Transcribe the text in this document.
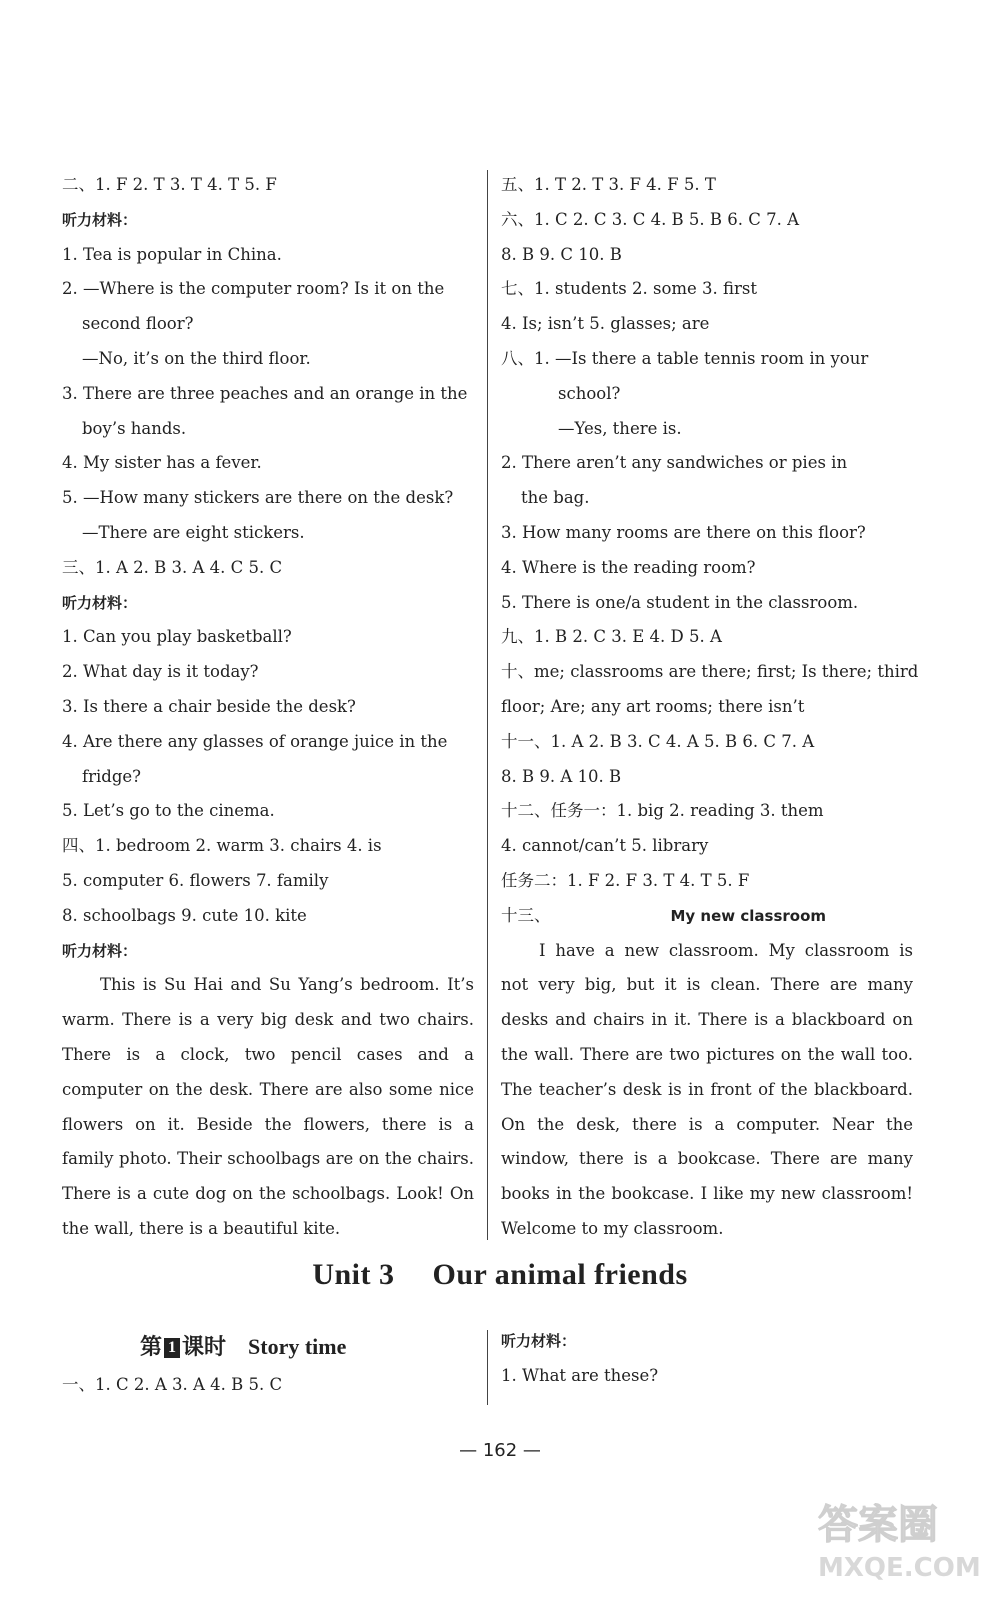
二、1. F 2. T 3. T 4. T 5. F
听力材料：
1. Tea is popular in China.
2. —Where is the computer room? Is it on the
second floor?
—No, it’s on the third floor.
3. There are three peaches and an orange in the
boy’s hands.
4. My sister has a fever.
5. —How many stickers are there on the desk?
—There are eight stickers.
三、1. A 2. B 3. A 4. C 5. C
听力材料：
1. Can you play basketball?
2. What day is it today?
3. Is there a chair beside the desk?
4. Are there any glasses of orange juice in the
fridge?
5. Let’s go to the cinema.
四、1. bedroom 2. warm 3. chairs 4. is
5. computer 6. flowers 7. family
8. schoolbags 9. cute 10. kite
听力材料：
This is Su Hai and Su Yang’s bedroom. It’s warm. There is a very big desk and two chairs. There is a clock, two pencil cases and a computer on the desk. There are also some nice flowers on it. Beside the flowers, there is a family photo. Their schoolbags are on the chairs. There is a cute dog on the schoolbags. Look! On the wall, there is a beautiful kite.
五、1. T 2. T 3. F 4. F 5. T
六、1. C 2. C 3. C 4. B 5. B 6. C 7. A
8. B 9. C 10. B
七、1. students 2. some 3. first
4. Is; isn’t 5. glasses; are
八、1. —Is there a table tennis room in your
school?
—Yes, there is.
2. There aren’t any sandwiches or pies in
the bag.
3. How many rooms are there on this floor?
4. Where is the reading room?
5. There is one/a student in the classroom.
九、1. B 2. C 3. E 4. D 5. A
十、me; classrooms are there; first; Is there; third
floor; Are; any art rooms; there isn’t
十一、1. A 2. B 3. C 4. A 5. B 6. C 7. A
8. B 9. A 10. B
十二、任务一：1. big 2. reading 3. them
4. cannot/can’t 5. library
任务二：1. F 2. F 3. T 4. T 5. F
十三、	My new classroom
I have a new classroom. My classroom is not very big, but it is clean. There are many desks and chairs in it. There is a blackboard on the wall. There are two pictures on the wall too. The teacher’s desk is in front of the blackboard. On the desk, there is a computer. Near the window, there is a bookcase. There are many books in the bookcase. I like my new classroom! Welcome to my classroom.
Unit 3 Our animal friends
第 1 课时 Story time
一、1. C 2. A 3. A 4. B 5. C
听力材料：
1. What are these?
— 162 —
答案圈
MXQE.COM
